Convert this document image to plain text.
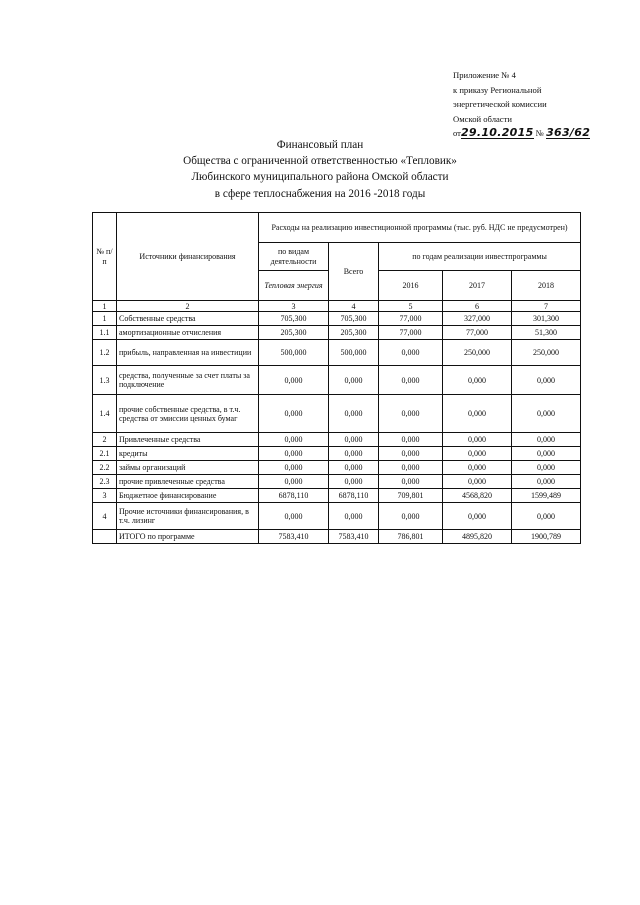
Приложение № 4
к приказу Региональной
энергетической комиссии
Омской области
от29.10.2015 № 363/62
Финансовый план
Общества с ограниченной ответственностью «Тепловик»
Любинского муниципального района Омской области
в сфере теплоснабжения на 2016 -2018 годы
№ п/п	Источники финансирования	Расходы на реализацию инвестиционной программы (тыс. руб. НДС не предусмотрен)				
		по видам деятельности	Всего	по годам реализации инвестпрограммы		
		Тепловая энергия		2016	2017	2018
1	2	3	4	5	6	7
1	Собственные средства	705,300	705,300	77,000	327,000	301,300
1.1	амортизационные отчисления	205,300	205,300	77,000	77,000	51,300
1.2	прибыль, направленная на инвестиции	500,000	500,000	0,000	250,000	250,000
1.3	средства, полученные за счет платы за подключение	0,000	0,000	0,000	0,000	0,000
1.4	прочие собственные средства, в т.ч. средства от эмиссии ценных бумаг	0,000	0,000	0,000	0,000	0,000
2	Привлеченные средства	0,000	0,000	0,000	0,000	0,000
2.1	кредиты	0,000	0,000	0,000	0,000	0,000
2.2	займы организаций	0,000	0,000	0,000	0,000	0,000
2.3	прочие привлеченные средства	0,000	0,000	0,000	0,000	0,000
3	Бюджетное финансирование	6878,110	6878,110	709,801	4568,820	1599,489
4	Прочие источники финансирования, в т.ч. лизинг	0,000	0,000	0,000	0,000	0,000
	ИТОГО по программе	7583,410	7583,410	786,801	4895,820	1900,789
